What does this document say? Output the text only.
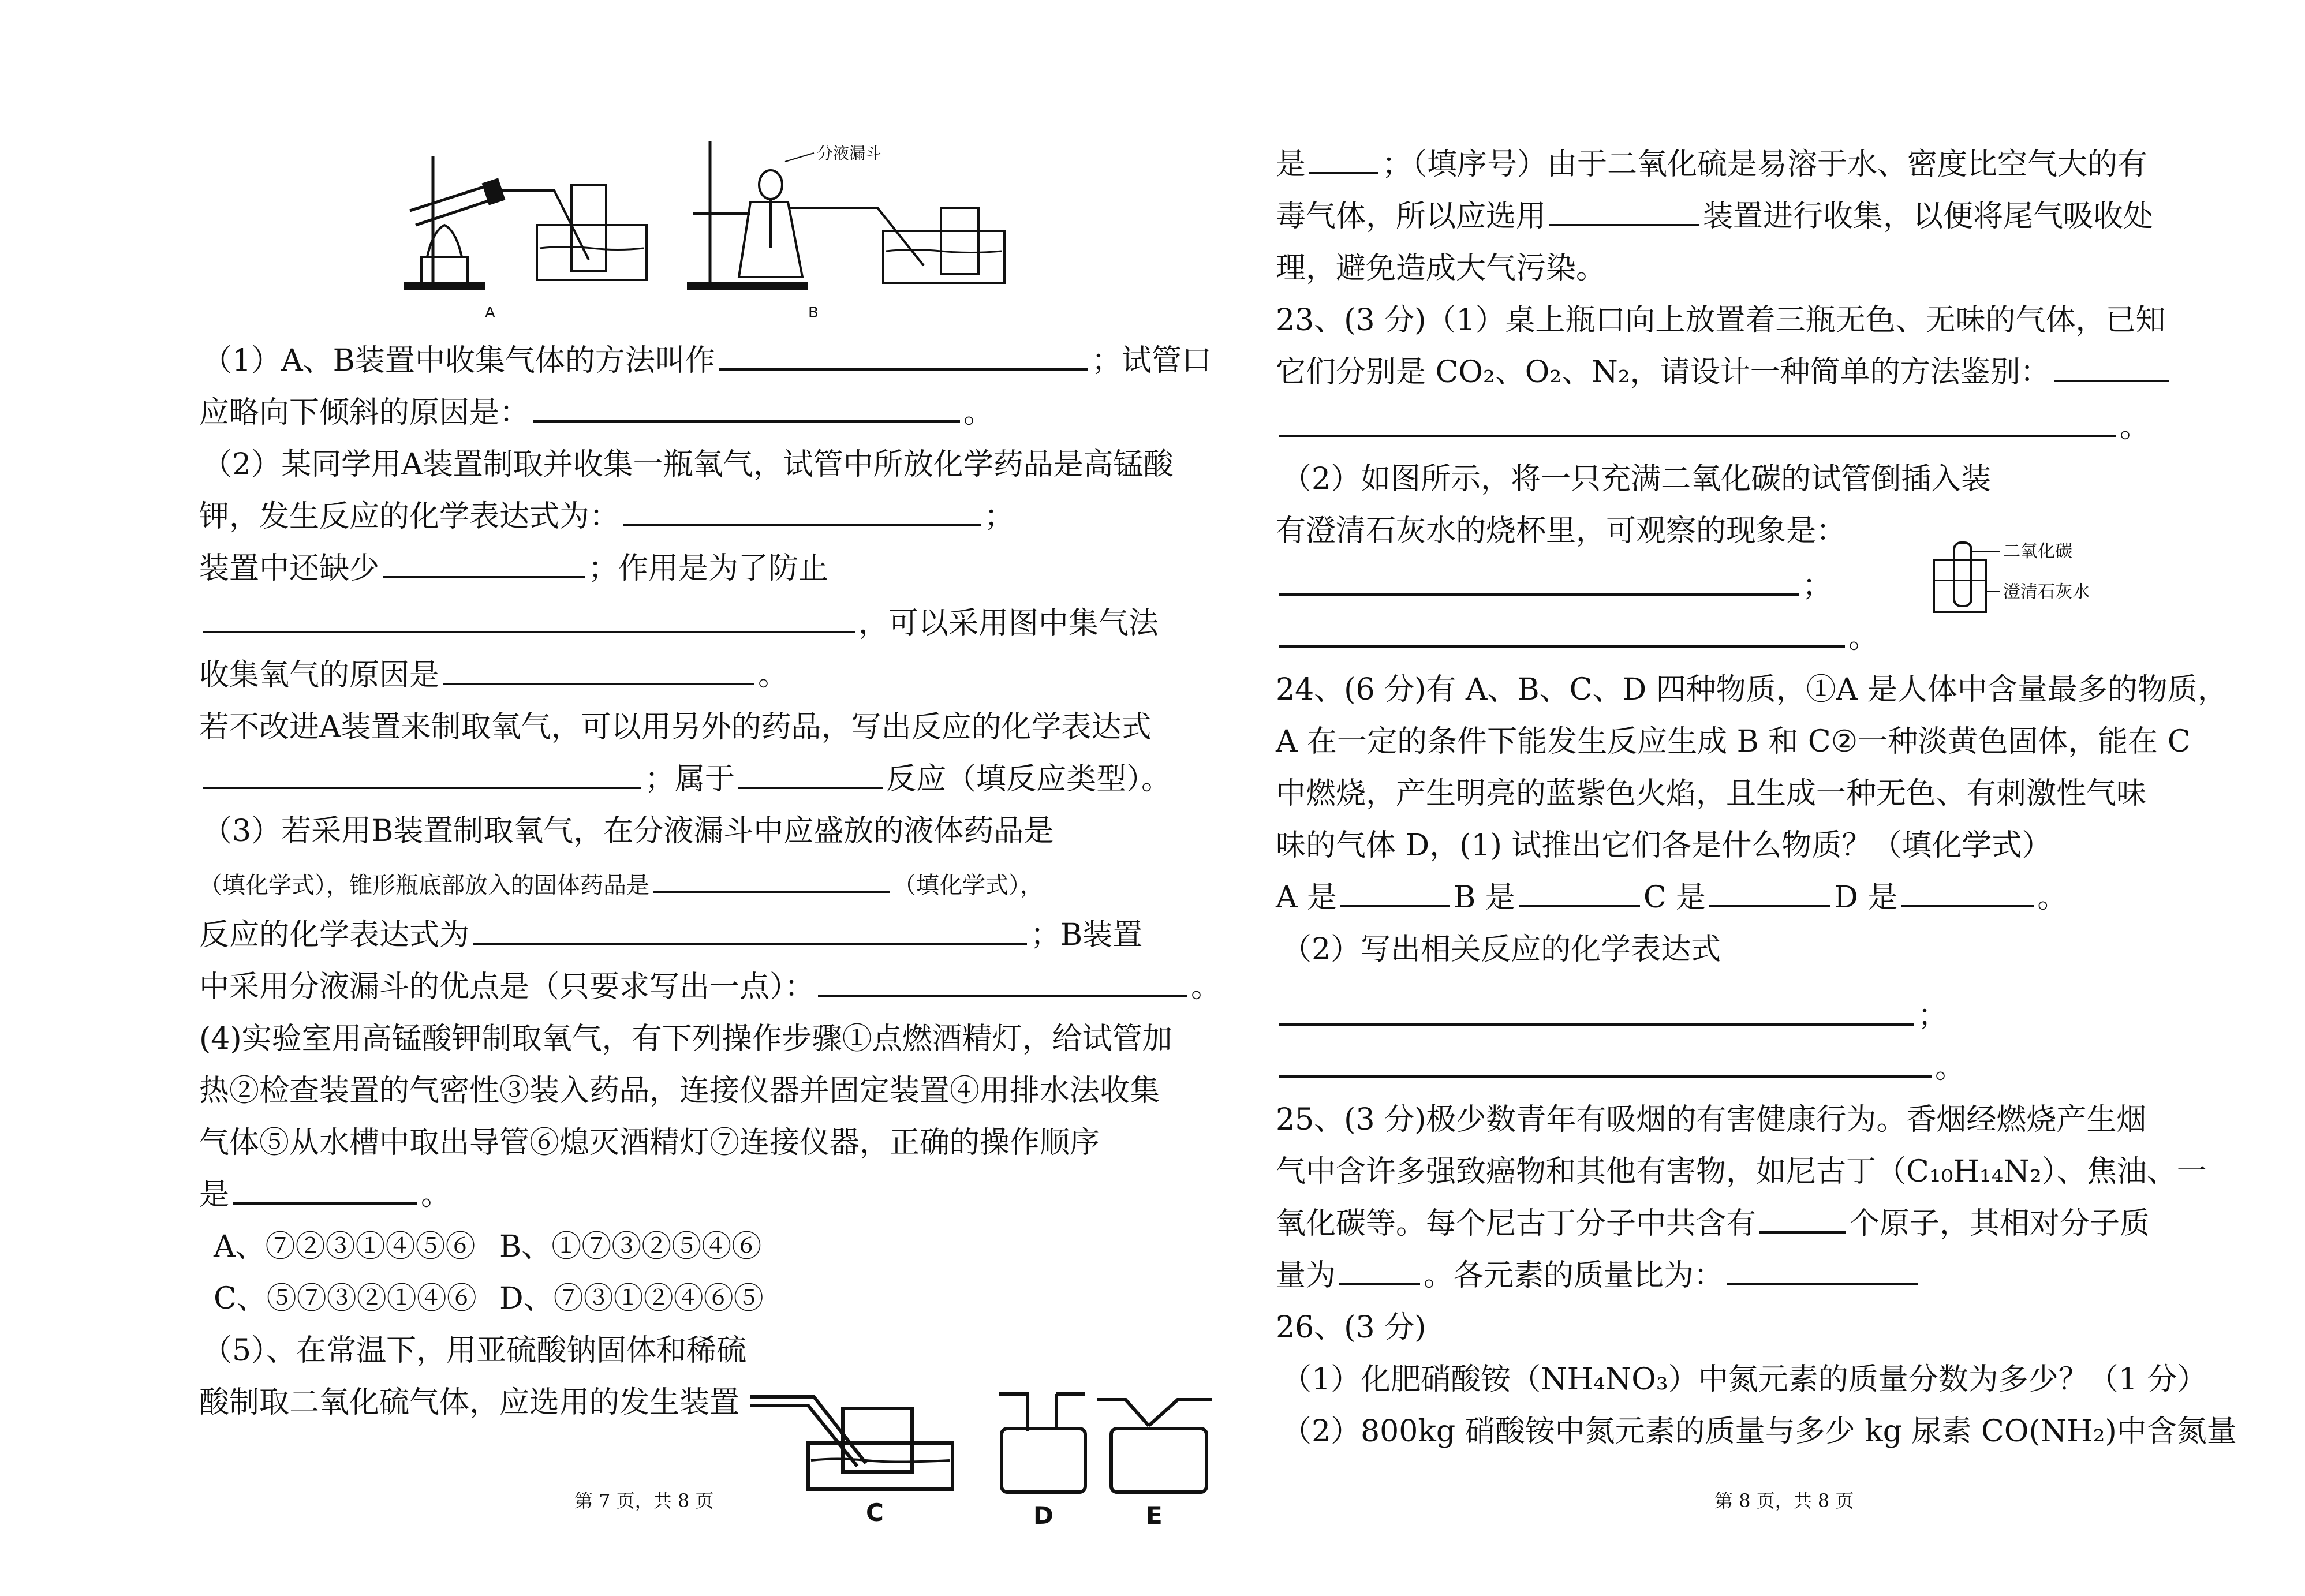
A
分液漏斗
B
（1）A、B装置中收集气体的方法叫作	；试管口
应略向下倾斜的原因是：	。
（2）某同学用A装置制取并收集一瓶氧气，试管中所放化学药品是高锰酸
钾，发生反应的化学表达式为：	；
装置中还缺少	；作用是为了防止
，可以采用图中集气法
收集氧气的原因是	。
若不改进A装置来制取氧气，可以用另外的药品，写出反应的化学表达式
；属于	反应（填反应类型）。
（3）若采用B装置制取氧气，在分液漏斗中应盛放的液体药品是
（填化学式），锥形瓶底部放入的固体药品是	（填化学式），
反应的化学表达式为	；B装置
中采用分液漏斗的优点是（只要求写出一点）：	。
(4)实验室用高锰酸钾制取氧气，有下列操作步骤①点燃酒精灯，给试管加
热②检查装置的气密性③装入药品，连接仪器并固定装置④用排水法收集
气体⑤从水槽中取出导管⑥熄灭酒精灯⑦连接仪器，正确的操作顺序
是	。
A、⑦②③①④⑤⑥ B、①⑦③②⑤④⑥
C、⑤⑦③②①④⑥ D、⑦③①②④⑥⑤
（5）、在常温下，用亚硫酸钠固体和稀硫
酸制取二氧化硫气体，应选用的发生装置
C	D	E
第 7 页，共 8 页
是	；（填序号）由于二氧化硫是易溶于水、密度比空气大的有
毒气体，所以应选用	装置进行收集，以便将尾气吸收处
理，避免造成大气污染。
23、(3 分)（1）桌上瓶口向上放置着三瓶无色、无味的气体，已知
它们分别是 CO₂、O₂、N₂，请设计一种简单的方法鉴别：
。
（2）如图所示，将一只充满二氧化碳的试管倒插入装
有澄清石灰水的烧杯里，可观察的现象是：
；
。
二氧化碳
澄清石灰水
24、(6 分)有 A、B、C、D 四种物质，①A 是人体中含量最多的物质，
A 在一定的条件下能发生反应生成 B 和 C②一种淡黄色固体，能在 C
中燃烧，产生明亮的蓝紫色火焰，且生成一种无色、有刺激性气味
味的气体 D，(1) 试推出它们各是什么物质？（填化学式）
A 是	B 是	C 是	D 是	。
（2）写出相关反应的化学表达式
；
。
25、(3 分)极少数青年有吸烟的有害健康行为。香烟经燃烧产生烟
气中含许多强致癌物和其他有害物，如尼古丁（C₁₀H₁₄N₂）、焦油、一
氧化碳等。每个尼古丁分子中共含有	个原子，其相对分子质
量为	。各元素的质量比为：
26、(3 分)
（1）化肥硝酸铵（NH₄NO₃）中氮元素的质量分数为多少？（1 分）
（2）800kg 硝酸铵中氮元素的质量与多少 kg 尿素 CO(NH₂)中含氮量
第 8 页，共 8 页
